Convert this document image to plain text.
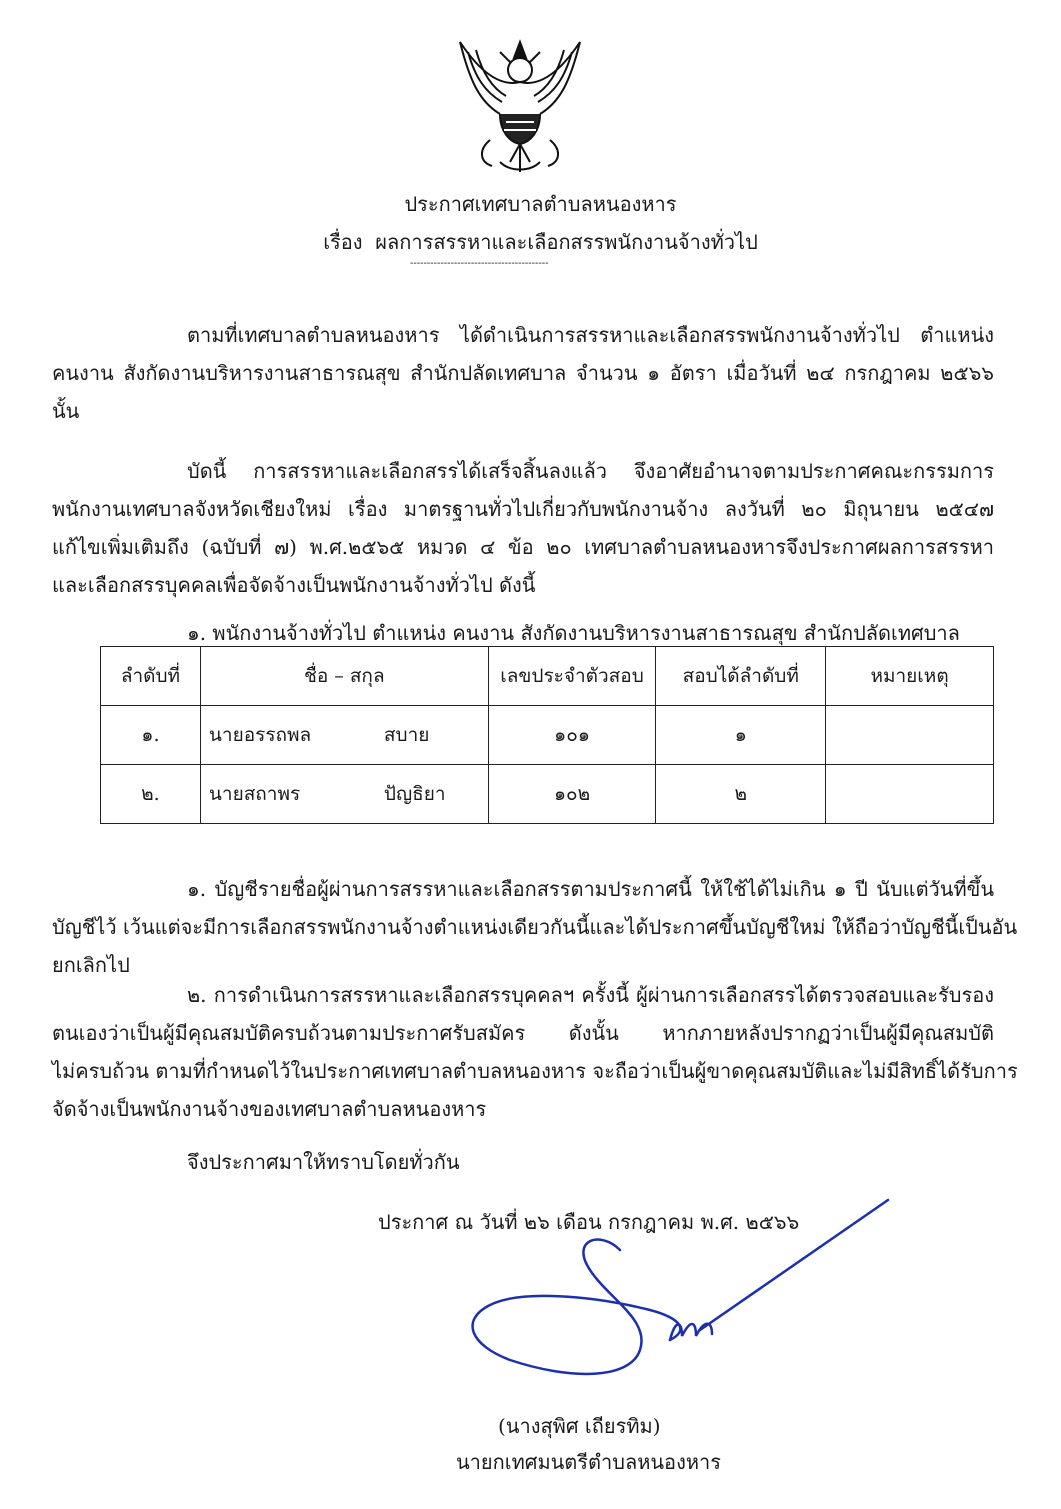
ประกาศเทศบาลตำบลหนองหาร
เรื่อง ผลการสรรหาและเลือกสรรพนักงานจ้างทั่วไป
-----------------------------------------
ตามที่เทศบาลตำบลหนองหาร ได้ดำเนินการสรรหาและเลือกสรรพนักงานจ้างทั่วไป ตำแหน่ง
คนงาน สังกัดงานบริหารงานสาธารณสุข สำนักปลัดเทศบาล จำนวน ๑ อัตรา เมื่อวันที่ ๒๔ กรกฎาคม ๒๕๖๖
นั้น
บัดนี้ การสรรหาและเลือกสรรได้เสร็จสิ้นลงแล้ว จึงอาศัยอำนาจตามประกาศคณะกรรมการ
พนักงานเทศบาลจังหวัดเชียงใหม่ เรื่อง มาตรฐานทั่วไปเกี่ยวกับพนักงานจ้าง ลงวันที่ ๒๐ มิถุนายน ๒๕๔๗
แก้ไขเพิ่มเติมถึง (ฉบับที่ ๗) พ.ศ.๒๕๖๕ หมวด ๔ ข้อ ๒๐ เทศบาลตำบลหนองหารจึงประกาศผลการสรรหา
และเลือกสรรบุคคลเพื่อจัดจ้างเป็นพนักงานจ้างทั่วไป ดังนี้
๑. พนักงานจ้างทั่วไป ตำแหน่ง คนงาน สังกัดงานบริหารงานสาธารณสุข สำนักปลัดเทศบาล
ลำดับที่	ชื่อ – สกุล	เลขประจำตัวสอบ	สอบได้ลำดับที่	หมายเหตุ
๑.	นายอรรถพล สบาย	๑๐๑	๑	
๒.	นายสถาพร ปัญธิยา	๑๐๒	๒	
๑. บัญชีรายชื่อผู้ผ่านการสรรหาและเลือกสรรตามประกาศนี้ ให้ใช้ได้ไม่เกิน ๑ ปี นับแต่วันที่ขึ้น
บัญชีไว้ เว้นแต่จะมีการเลือกสรรพนักงานจ้างตำแหน่งเดียวกันนี้และได้ประกาศขึ้นบัญชีใหม่ ให้ถือว่าบัญชีนี้เป็นอัน
ยกเลิกไป
๒. การดำเนินการสรรหาและเลือกสรรบุคคลฯ ครั้งนี้ ผู้ผ่านการเลือกสรรได้ตรวจสอบและรับรอง
ตนเองว่าเป็นผู้มีคุณสมบัติครบถ้วนตามประกาศรับสมัคร ดังนั้น หากภายหลังปรากฏว่าเป็นผู้มีคุณสมบัติ
ไม่ครบถ้วน ตามที่กำหนดไว้ในประกาศเทศบาลตำบลหนองหาร จะถือว่าเป็นผู้ขาดคุณสมบัติและไม่มีสิทธิ์ได้รับการ
จัดจ้างเป็นพนักงานจ้างของเทศบาลตำบลหนองหาร
จึงประกาศมาให้ทราบโดยทั่วกัน
ประกาศ ณ วันที่ ๒๖ เดือน กรกฎาคม พ.ศ. ๒๕๖๖
(นางสุพิศ เถียรทิม)
นายกเทศมนตรีตำบลหนองหาร
